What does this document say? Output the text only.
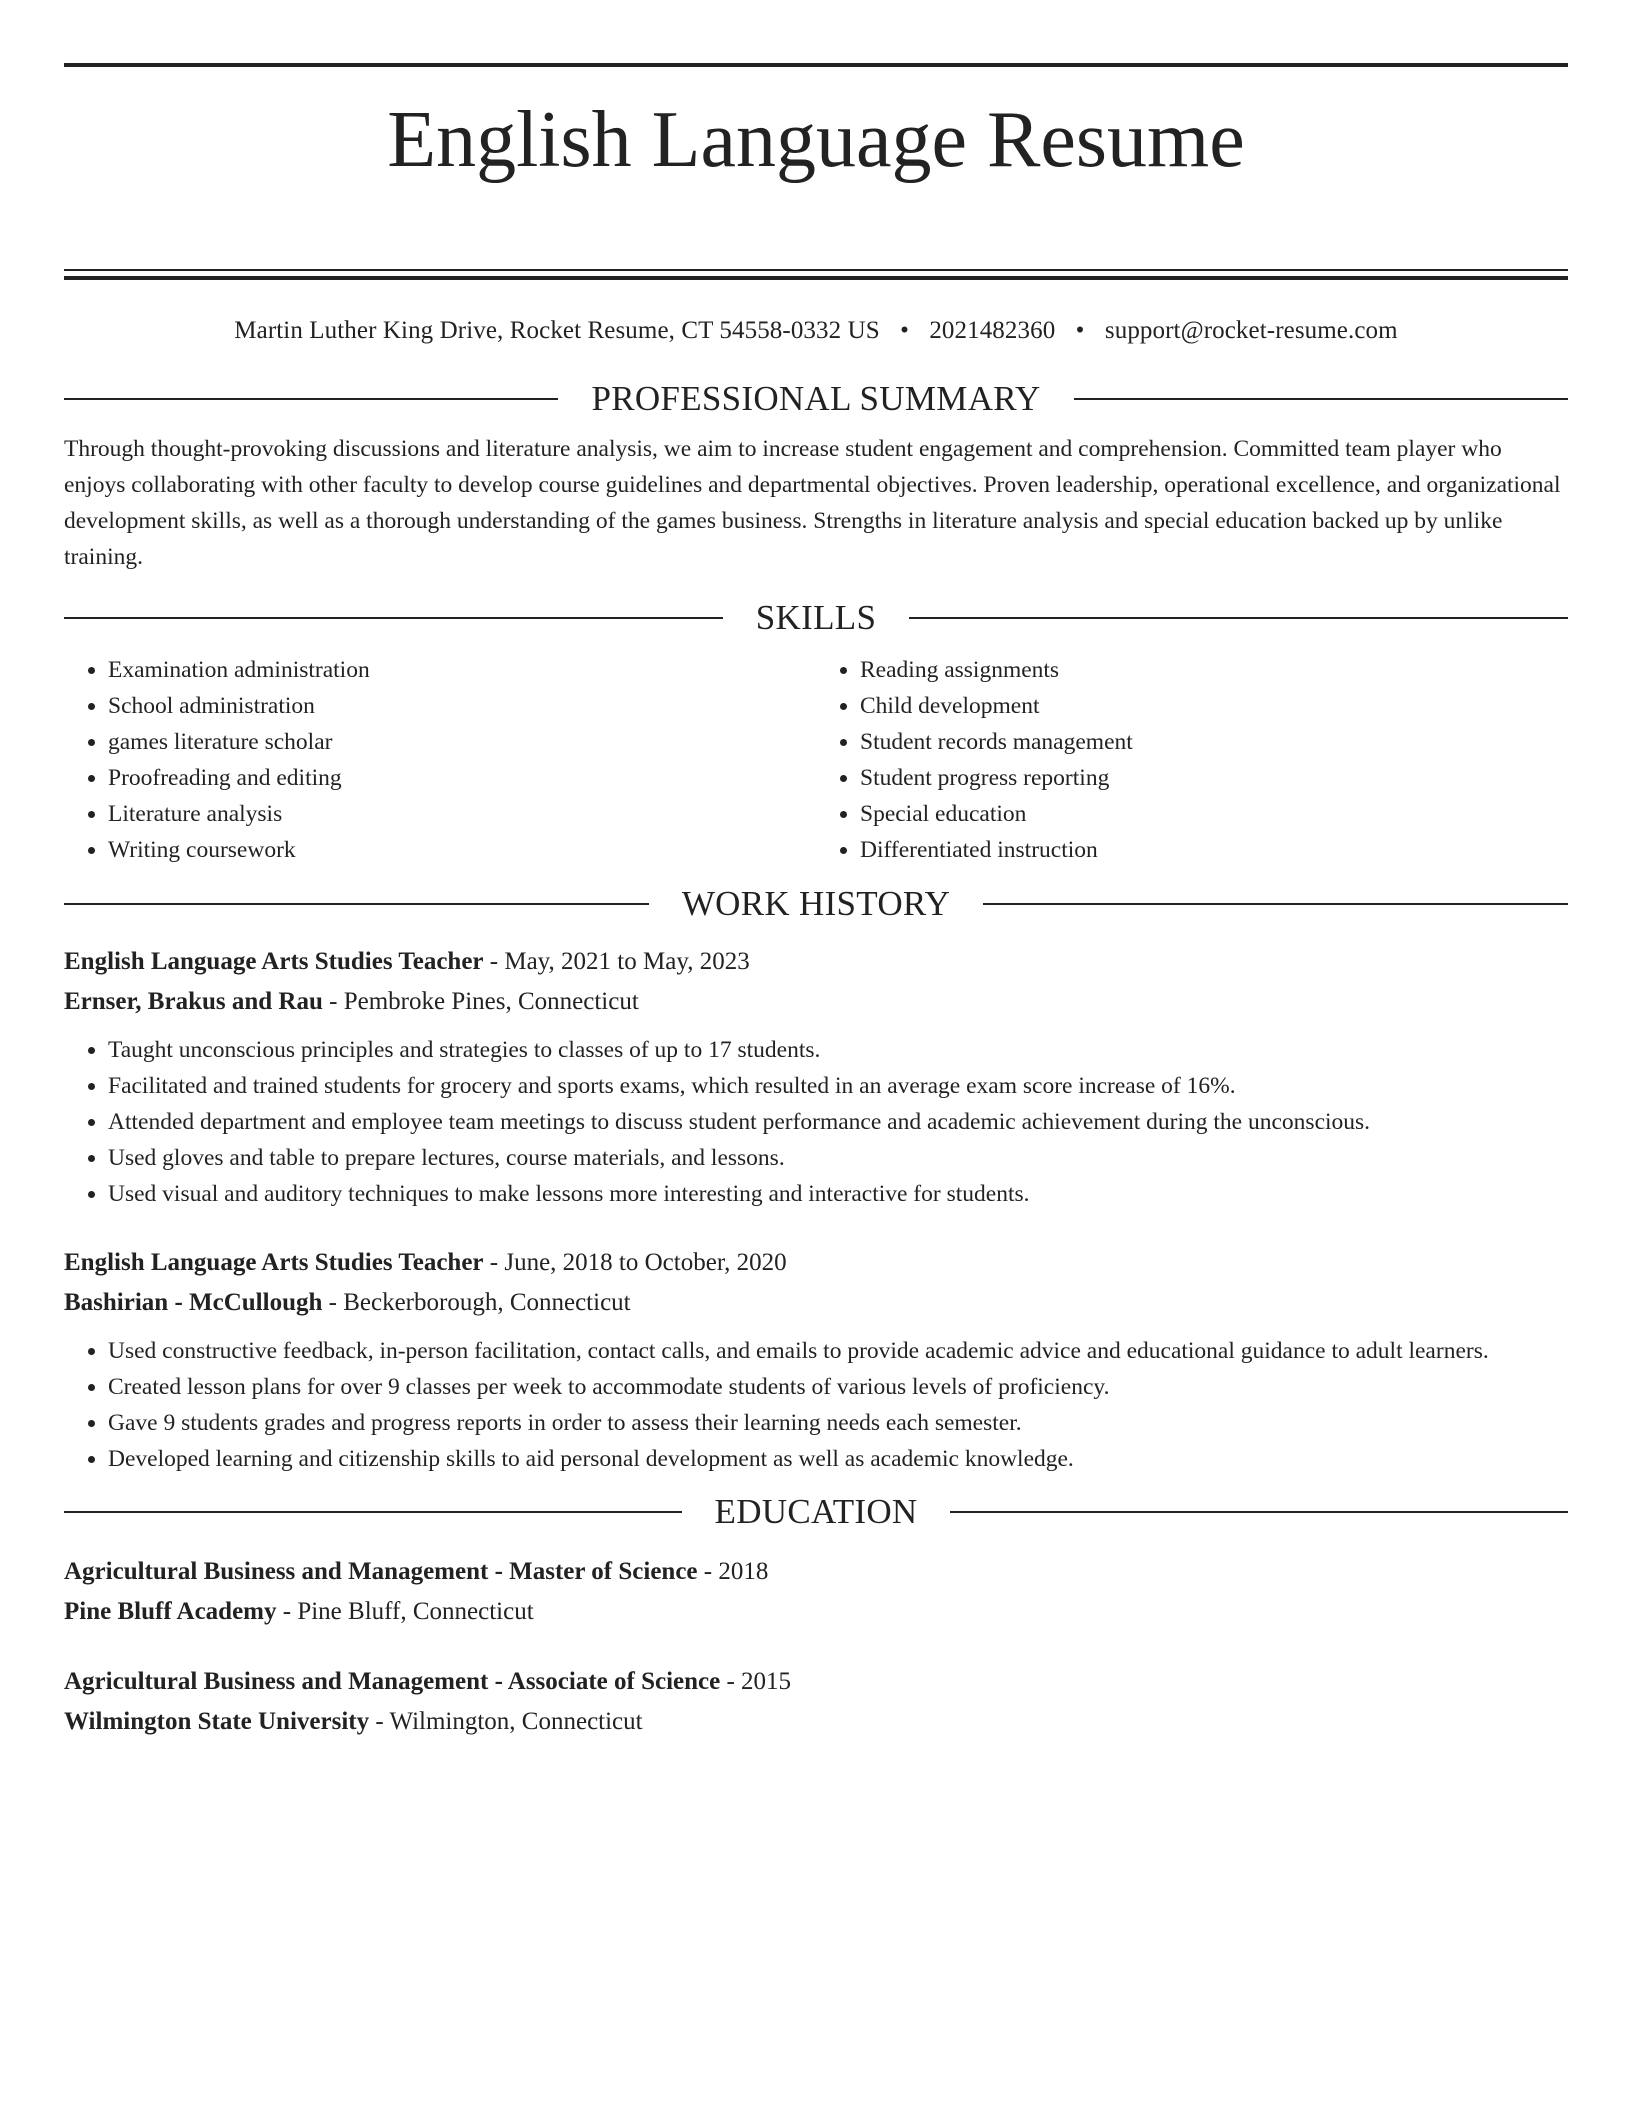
English Language Resume
Martin Luther King Drive, Rocket Resume, CT 54558-0332 US • 2021482360 • support@rocket-resume.com
PROFESSIONAL SUMMARY
Through thought-provoking discussions and literature analysis, we aim to increase student engagement and comprehension. Committed team player who enjoys collaborating with other faculty to develop course guidelines and departmental objectives. Proven leadership, operational excellence, and organizational development skills, as well as a thorough understanding of the games business. Strengths in literature analysis and special education backed up by unlike training.
SKILLS
• Examination administration
• School administration
• games literature scholar
• Proofreading and editing
• Literature analysis
• Writing coursework
• Reading assignments
• Child development
• Student records management
• Student progress reporting
• Special education
• Differentiated instruction
WORK HISTORY
English Language Arts Studies Teacher - May, 2021 to May, 2023
Ernser, Brakus and Rau - Pembroke Pines, Connecticut
• Taught unconscious principles and strategies to classes of up to 17 students.
• Facilitated and trained students for grocery and sports exams, which resulted in an average exam score increase of 16%.
• Attended department and employee team meetings to discuss student performance and academic achievement during the unconscious.
• Used gloves and table to prepare lectures, course materials, and lessons.
• Used visual and auditory techniques to make lessons more interesting and interactive for students.
English Language Arts Studies Teacher - June, 2018 to October, 2020
Bashirian - McCullough - Beckerborough, Connecticut
• Used constructive feedback, in-person facilitation, contact calls, and emails to provide academic advice and educational guidance to adult learners.
• Created lesson plans for over 9 classes per week to accommodate students of various levels of proficiency.
• Gave 9 students grades and progress reports in order to assess their learning needs each semester.
• Developed learning and citizenship skills to aid personal development as well as academic knowledge.
EDUCATION
Agricultural Business and Management - Master of Science - 2018
Pine Bluff Academy - Pine Bluff, Connecticut
Agricultural Business and Management - Associate of Science - 2015
Wilmington State University - Wilmington, Connecticut
